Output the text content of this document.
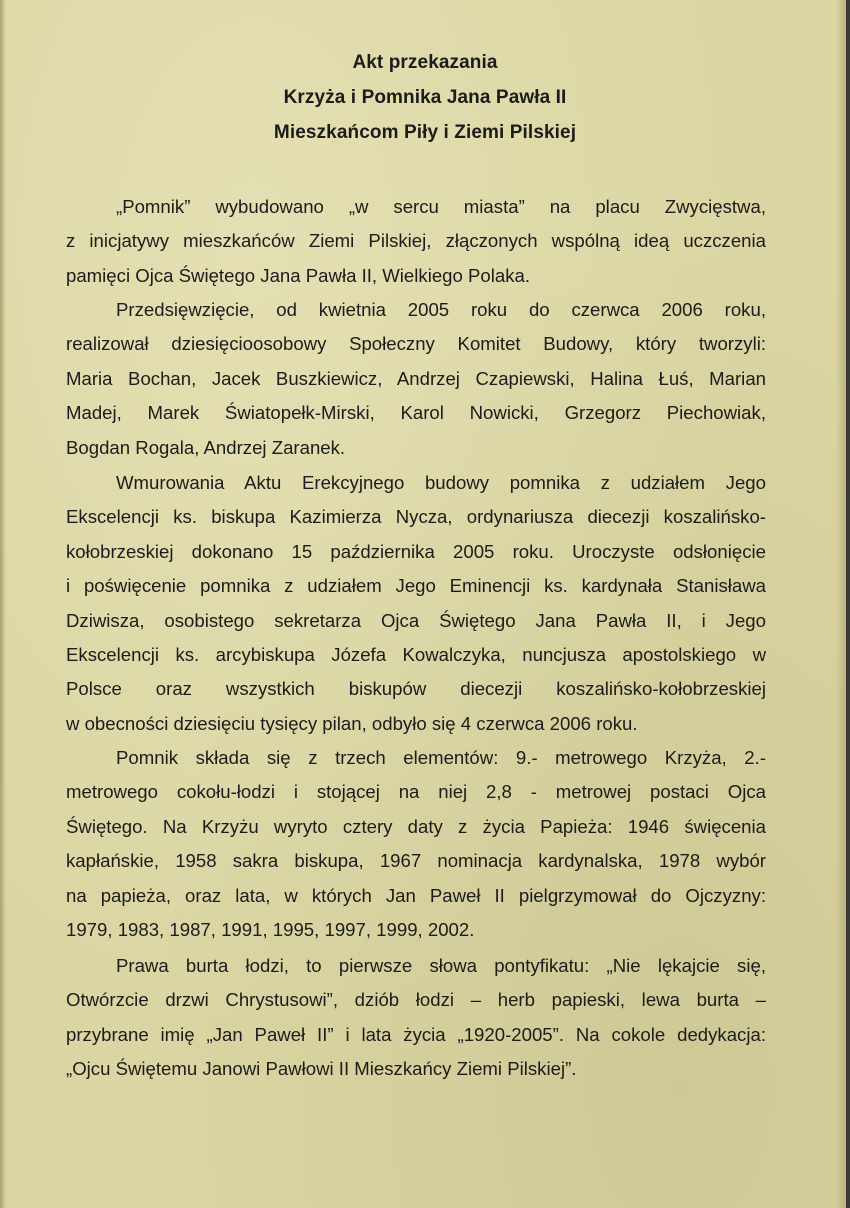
Akt przekazania
Krzyża i Pomnika Jana Pawła II
Mieszkańcom Piły i Ziemi Pilskiej
„Pomnik” wybudowano „w sercu miasta” na placu Zwycięstwa,
z inicjatywy mieszkańców Ziemi Pilskiej, złączonych wspólną ideą uczczenia
pamięci Ojca Świętego Jana Pawła II, Wielkiego Polaka.
Przedsięwzięcie, od kwietnia 2005 roku do czerwca 2006 roku,
realizował dziesięcioosobowy Społeczny Komitet Budowy, który tworzyli:
Maria Bochan, Jacek Buszkiewicz, Andrzej Czapiewski, Halina Łuś, Marian
Madej, Marek Światopełk-Mirski, Karol Nowicki, Grzegorz Piechowiak,
Bogdan Rogala, Andrzej Zaranek.
Wmurowania Aktu Erekcyjnego budowy pomnika z udziałem Jego
Ekscelencji ks. biskupa Kazimierza Nycza, ordynariusza diecezji koszalińsko-
kołobrzeskiej dokonano 15 października 2005 roku. Uroczyste odsłonięcie
i poświęcenie pomnika z udziałem Jego Eminencji ks. kardynała Stanisława
Dziwisza, osobistego sekretarza Ojca Świętego Jana Pawła II, i Jego
Ekscelencji ks. arcybiskupa Józefa Kowalczyka, nuncjusza apostolskiego w
Polsce oraz wszystkich biskupów diecezji koszalińsko-kołobrzeskiej
w obecności dziesięciu tysięcy pilan, odbyło się 4 czerwca 2006 roku.
Pomnik składa się z trzech elementów: 9.- metrowego Krzyża, 2.-
metrowego cokołu-łodzi i stojącej na niej 2,8 - metrowej postaci Ojca
Świętego. Na Krzyżu wyryto cztery daty z życia Papieża: 1946 święcenia
kapłańskie, 1958 sakra biskupa, 1967 nominacja kardynalska, 1978 wybór
na papieża, oraz lata, w których Jan Paweł II pielgrzymował do Ojczyzny:
1979, 1983, 1987, 1991, 1995, 1997, 1999, 2002.
Prawa burta łodzi, to pierwsze słowa pontyfikatu: „Nie lękajcie się,
Otwórzcie drzwi Chrystusowi”, dziób łodzi – herb papieski, lewa burta –
przybrane imię „Jan Paweł II” i lata życia „1920-2005”. Na cokole dedykacja:
„Ojcu Świętemu Janowi Pawłowi II Mieszkańcy Ziemi Pilskiej”.
